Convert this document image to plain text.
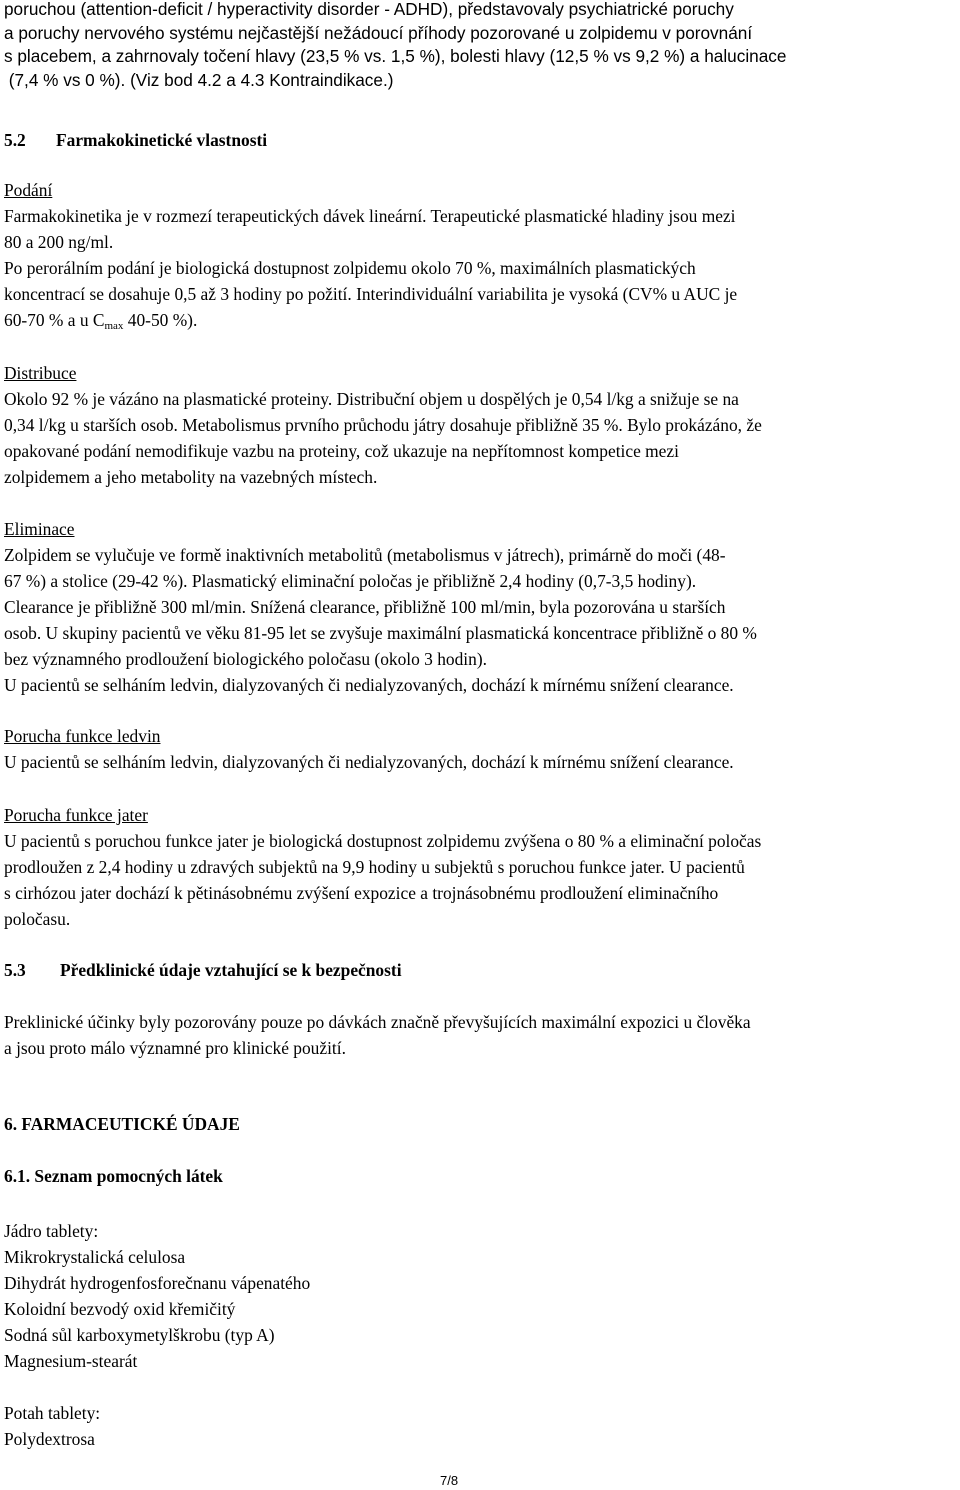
poruchou (attention-deficit / hyperactivity disorder - ADHD), představovaly psychiatrické poruchy
a poruchy nervového systému nejčastější nežádoucí příhody pozorované u zolpidemu v porovnání
s placebem, a zahrnovaly točení hlavy (23,5 % vs. 1,5 %), bolesti hlavy (12,5 % vs 9,2 %) a halucinace
(7,4 % vs 0 %). (Viz bod 4.2 a 4.3 Kontraindikace.)
5.2 Farmakokinetické vlastnosti
Podání
Farmakokinetika je v rozmezí terapeutických dávek lineární. Terapeutické plasmatické hladiny jsou mezi
80 a 200 ng/ml.
Po perorálním podání je biologická dostupnost zolpidemu okolo 70 %, maximálních plasmatických
koncentrací se dosahuje 0,5 až 3 hodiny po požití. Interindividuální variabilita je vysoká (CV% u AUC je
60-70 % a u $C_{max}$ 40-50 %).
Distribuce
Okolo 92 % je vázáno na plasmatické proteiny. Distribuční objem u dospělých je 0,54 l/kg a snižuje se na
0,34 l/kg u starších osob. Metabolismus prvního průchodu játry dosahuje přibližně 35 %. Bylo prokázáno, že
opakované podání nemodifikuje vazbu na proteiny, což ukazuje na nepřítomnost kompetice mezi
zolpidemem a jeho metabolity na vazebných místech.
Eliminace
Zolpidem se vylučuje ve formě inaktivních metabolitů (metabolismus v játrech), primárně do moči (48-
67 %) a stolice (29-42 %). Plasmatický eliminační poločas je přibližně 2,4 hodiny (0,7-3,5 hodiny).
Clearance je přibližně 300 ml/min. Snížená clearance, přibližně 100 ml/min, byla pozorována u starších
osob. U skupiny pacientů ve věku 81-95 let se zvyšuje maximální plasmatická koncentrace přibližně o 80 %
bez významného prodloužení biologického poločasu (okolo 3 hodin).
U pacientů se selháním ledvin, dialyzovaných či nedialyzovaných, dochází k mírnému snížení clearance.
Porucha funkce ledvin
U pacientů se selháním ledvin, dialyzovaných či nedialyzovaných, dochází k mírnému snížení clearance.
Porucha funkce jater
U pacientů s poruchou funkce jater je biologická dostupnost zolpidemu zvýšena o 80 % a eliminační poločas
prodloužen z 2,4 hodiny u zdravých subjektů na 9,9 hodiny u subjektů s poruchou funkce jater. U pacientů
s cirhózou jater dochází k pětinásobnému zvýšení expozice a trojnásobnému prodloužení eliminačního
poločasu.
5.3 Předklinické údaje vztahující se k bezpečnosti
Preklinické účinky byly pozorovány pouze po dávkách značně převyšujících maximální expozici u člověka
a jsou proto málo významné pro klinické použití.
6. FARMACEUTICKÉ ÚDAJE
6.1. Seznam pomocných látek
Jádro tablety:
Mikrokrystalická celulosa
Dihydrát hydrogenfosforečnanu vápenatého
Koloidní bezvodý oxid křemičitý
Sodná sůl karboxymetylškrobu (typ A)
Magnesium-stearát
Potah tablety:
Polydextrosa
7/8
